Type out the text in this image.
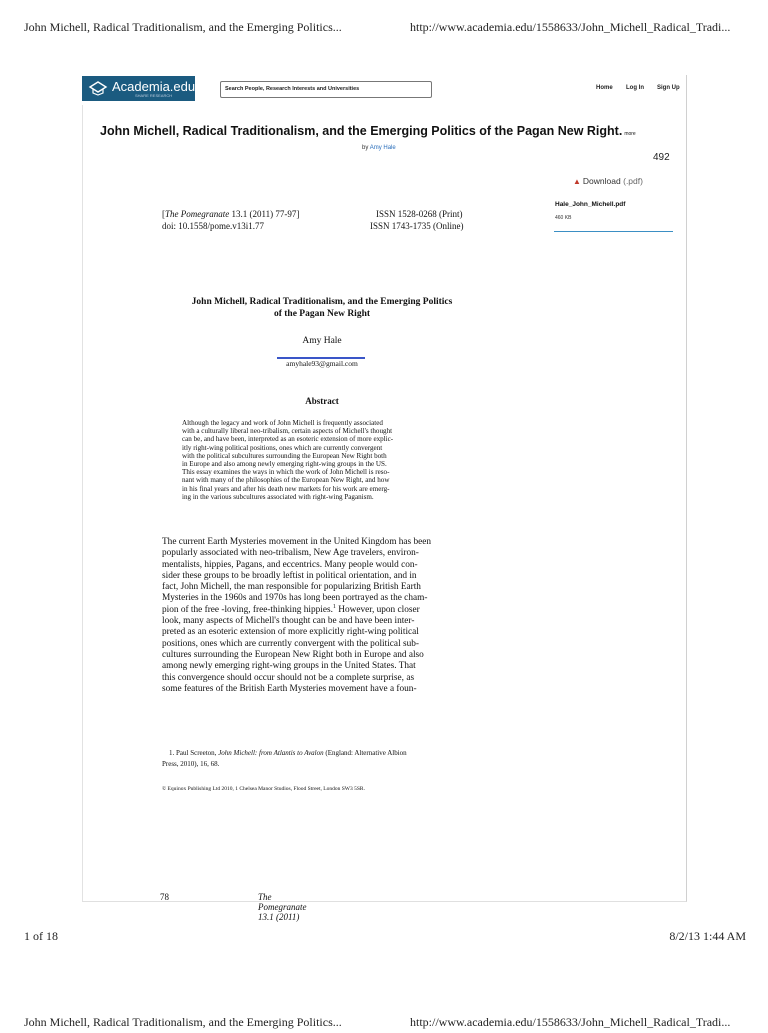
John Michell, Radical Traditionalism, and the Emerging Politics...	http://www.academia.edu/1558633/John_Michell_Radical_Tradi...
Academia.edu
SHARE RESEARCH
Search People, Research Interests and Universities	Home Log In Sign Up
John Michell, Radical Traditionalism, and the Emerging Politics of the Pagan New Right. more
by Amy Hale
492
▲ Download (.pdf)
Hale_John_Michell.pdf
460 KB
[The Pomegranate 13.1 (2011) 77-97]
doi: 10.1558/pome.v13i1.77
ISSN 1528-0268 (Print)
ISSN 1743-1735 (Online)
John Michell, Radical Traditionalism, and the Emerging Politics
of the Pagan New Right
Amy Hale
amyhale93@gmail.com
Abstract
Although the legacy and work of John Michell is frequently associated
with a culturally liberal neo-tribalism, certain aspects of Michell's thought
can be, and have been, interpreted as an esoteric extension of more explic-
itly right-wing political positions, ones which are currently convergent
with the political subcultures surrounding the European New Right both
in Europe and also among newly emerging right-wing groups in the US.
This essay examines the ways in which the work of John Michell is reso-
nant with many of the philosophies of the European New Right, and how
in his final years and after his death new markets for his work are emerg-
ing in the various subcultures associated with right-wing Paganism.
The current Earth Mysteries movement in the United Kingdom has been
popularly associated with neo-tribalism, New Age travelers, environ-
mentalists, hippies, Pagans, and eccentrics. Many people would con-
sider these groups to be broadly leftist in political orientation, and in
fact, John Michell, the man responsible for popularizing British Earth
Mysteries in the 1960s and 1970s has long been portrayed as the cham-
pion of the free -loving, free-thinking hippies.$^1$ However, upon closer
look, many aspects of Michell's thought can be and have been inter-
preted as an esoteric extension of more explicitly right-wing political
positions, ones which are currently convergent with the political sub-
cultures surrounding the European New Right both in Europe and also
among newly emerging right-wing groups in the United States. That
this convergence should occur should not be a complete surprise, as
some features of the British Earth Mysteries movement have a foun-
1. Paul Screeton, John Michell: from Atlantis to Avalon (England: Alternative Albion
Press, 2010), 16, 68.
© Equinox Publishing Ltd 2010, 1 Chelsea Manor Studios, Flood Street, London SW3 5SR.
78	The Pomegranate 13.1 (2011)
1 of 18	8/2/13 1:44 AM
John Michell, Radical Traditionalism, and the Emerging Politics...	http://www.academia.edu/1558633/John_Michell_Radical_Tradi...
